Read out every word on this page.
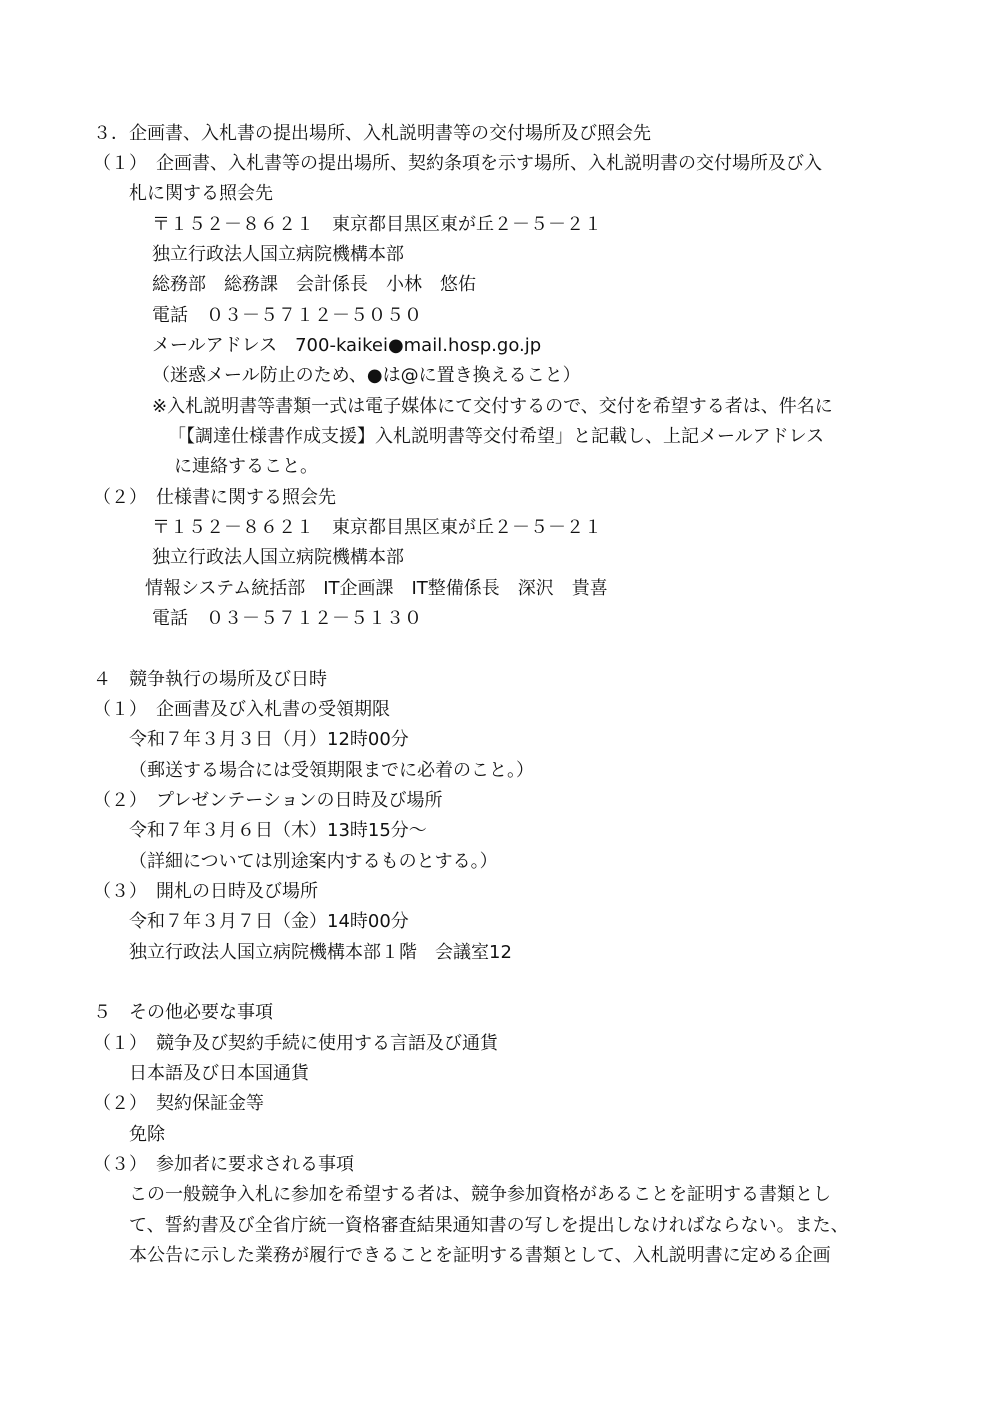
３．企画書、入札書の提出場所、入札説明書等の交付場所及び照会先

（１）　企画書、入札書等の提出場所、契約条項を示す場所、入札説明書の交付場所及び入

札に関する照会先

〒１５２－８６２１　東京都目黒区東が丘２－５－２１

独立行政法人国立病院機構本部

総務部　総務課　会計係長　小林　悠佑

電話　０３－５７１２－５０５０

メールアドレス　700-kaikei●mail.hosp.go.jp

（迷惑メール防止のため、●は@に置き換えること）

※入札説明書等書類一式は電子媒体にて交付するので、交付を希望する者は、件名に

「【調達仕様書作成支援】入札説明書等交付希望」と記載し、上記メールアドレス

に連絡すること。

（２）　仕様書に関する照会先

〒１５２－８６２１　東京都目黒区東が丘２－５－２１

独立行政法人国立病院機構本部

情報システム統括部　IT企画課　IT整備係長　深沢　貴喜

電話　０３－５７１２－５１３０

４　競争執行の場所及び日時

（１）　企画書及び入札書の受領期限

令和７年３月３日（月）12時00分

（郵送する場合には受領期限までに必着のこと。）

（２）　プレゼンテーションの日時及び場所

令和７年３月６日（木）13時15分～

（詳細については別途案内するものとする。）

（３）　開札の日時及び場所

令和７年３月７日（金）14時00分

独立行政法人国立病院機構本部１階　会議室12

５　その他必要な事項

（１）　競争及び契約手続に使用する言語及び通貨

日本語及び日本国通貨

（２）　契約保証金等

免除

（３）　参加者に要求される事項

この一般競争入札に参加を希望する者は、競争参加資格があることを証明する書類とし

て、誓約書及び全省庁統一資格審査結果通知書の写しを提出しなければならない。また、

本公告に示した業務が履行できることを証明する書類として、入札説明書に定める企画
